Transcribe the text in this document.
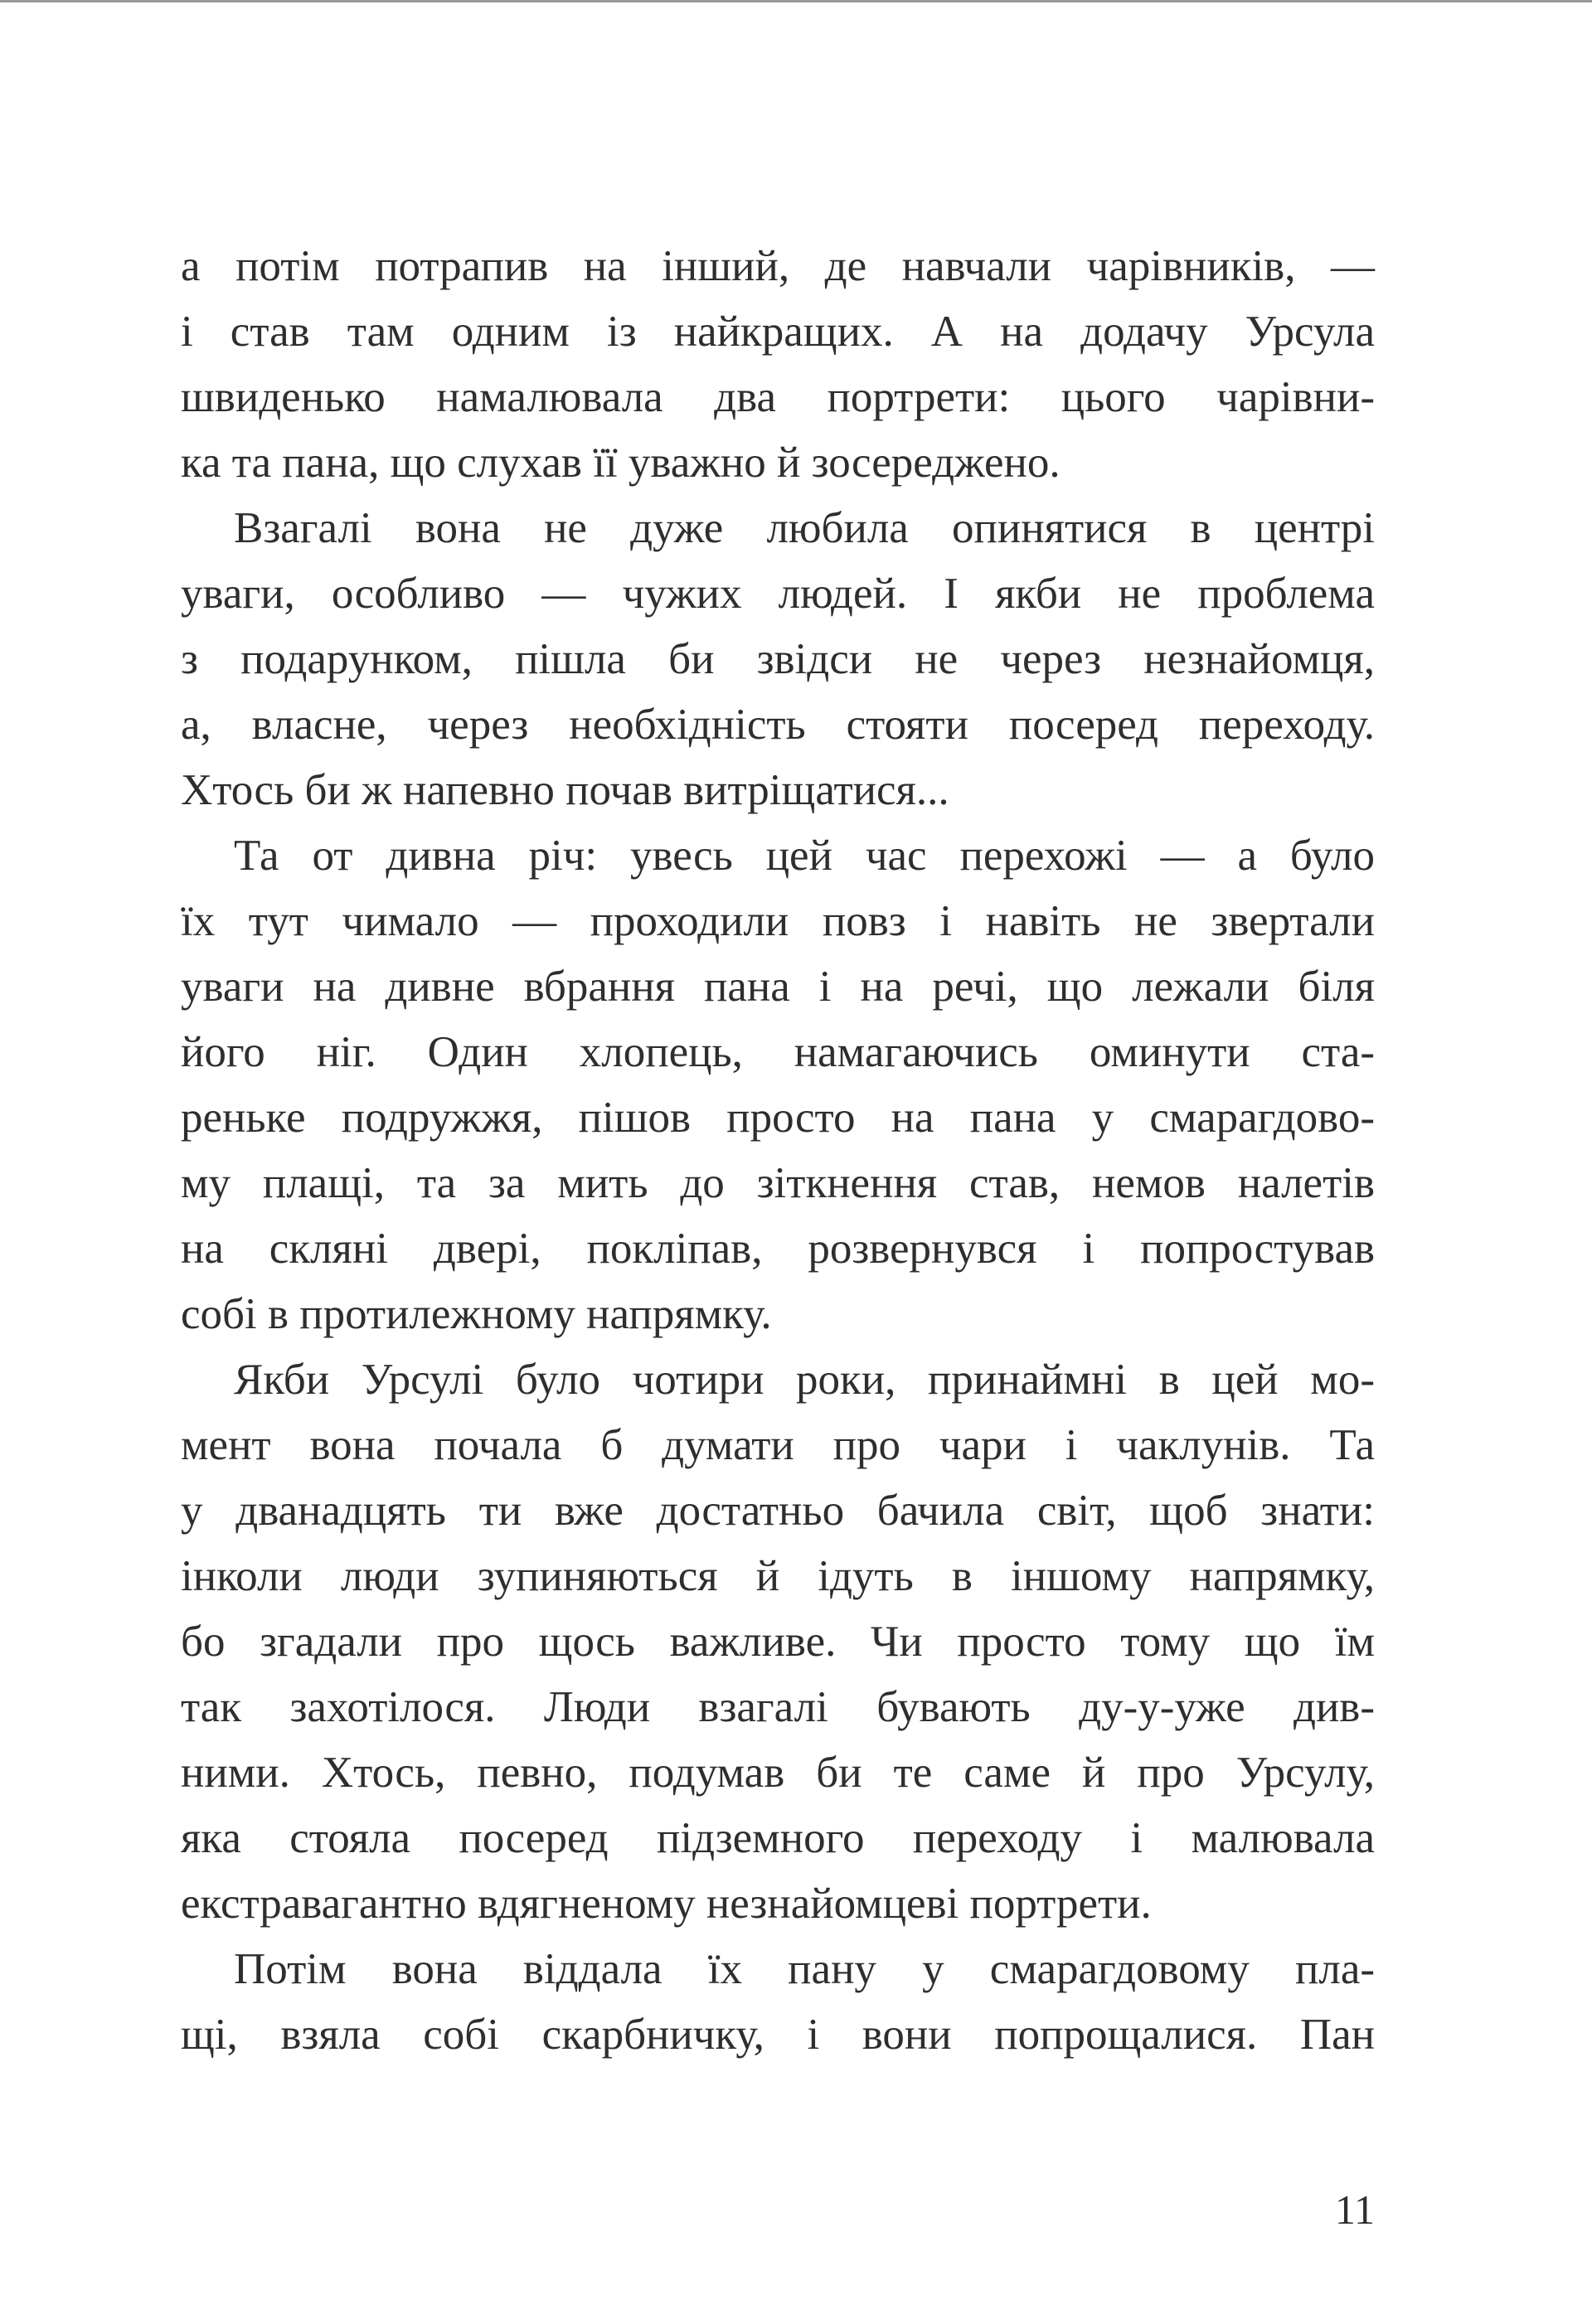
а потім потрапив на інший, де навчали чарівників, —
і став там одним із найкращих. А на додачу Урсула
швиденько намалювала два портрети: цього чарівни-
ка та пана, що слухав її уважно й зосереджено.
Взагалі вона не дуже любила опинятися в центрі
уваги, особливо — чужих людей. І якби не проблема
з подарунком, пішла би звідси не через незнайомця,
а, власне, через необхідність стояти посеред переходу.
Хтось би ж напевно почав витріщатися...
Та от дивна річ: увесь цей час перехожі — а було
їх тут чимало — проходили повз і навіть не звертали
уваги на дивне вбрання пана і на речі, що лежали біля
його ніг. Один хлопець, намагаючись оминути ста-
реньке подружжя, пішов просто на пана у смарагдово-
му плащі, та за мить до зіткнення став, немов налетів
на скляні двері, покліпав, розвернувся і попростував
собі в протилежному напрямку.
Якби Урсулі було чотири роки, принаймні в цей мо-
мент вона почала б думати про чари і чаклунів. Та
у дванадцять ти вже достатньо бачила світ, щоб знати:
інколи люди зупиняються й ідуть в іншому напрямку,
бо згадали про щось важливе. Чи просто тому що їм
так захотілося. Люди взагалі бувають ду-у-уже див-
ними. Хтось, певно, подумав би те саме й про Урсулу,
яка стояла посеред підземного переходу і малювала
екстравагантно вдягненому незнайомцеві портрети.
Потім вона віддала їх пану у смарагдовому пла-
щі, взяла собі скарбничку, і вони попрощалися. Пан
11
